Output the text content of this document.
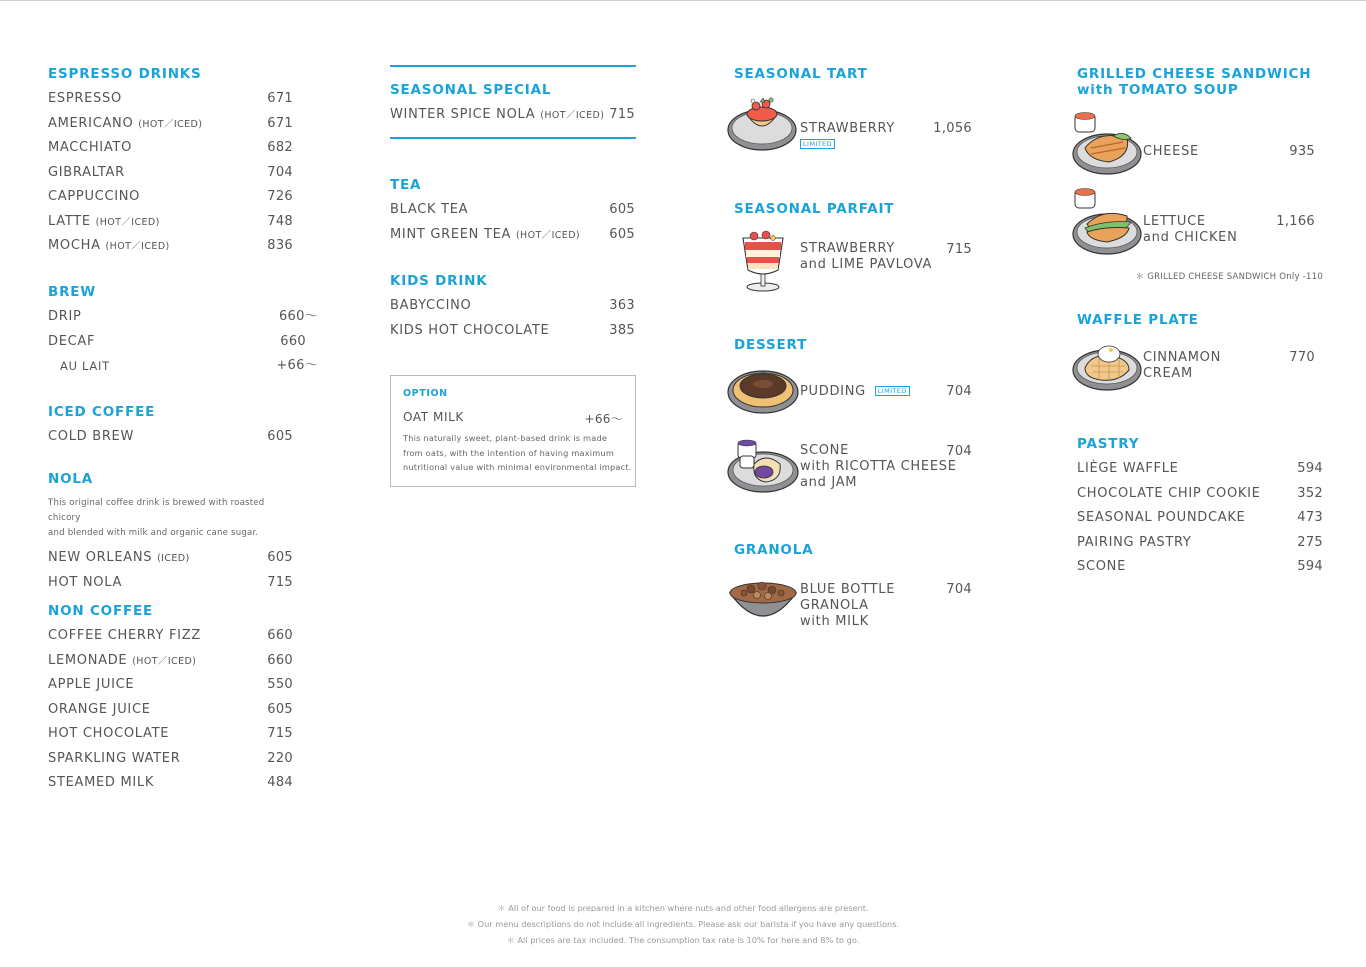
ESPRESSO DRINKS
ESPRESSO	671
AMERICANO (HOT／ICED)	671
MACCHIATO	682
GIBRALTAR	704
CAPPUCCINO	726
LATTE (HOT／ICED)	748
MOCHA (HOT／ICED)	836
BREW
DRIP	660～
DECAF	660
AU LAIT	+66～
ICED COFFEE
COLD BREW	605
NOLA
This original coffee drink is brewed with roasted chicory
and blended with milk and organic cane sugar.
NEW ORLEANS (ICED)	605
HOT NOLA	715
NON COFFEE
COFFEE CHERRY FIZZ	660
LEMONADE (HOT／ICED)	660
APPLE JUICE	550
ORANGE JUICE	605
HOT CHOCOLATE	715
SPARKLING WATER	220
STEAMED MILK	484
SEASONAL SPECIAL
WINTER SPICE NOLA (HOT／ICED) 715
TEA
BLACK TEA	605
MINT GREEN TEA (HOT／ICED) 605
KIDS DRINK
BABYCCINO	363
KIDS HOT CHOCOLATE	385
OPTION
OAT MILK	+66～
This naturally sweet, plant-based drink is made
from oats, with the intention of having maximum
nutritional value with minimal environmental impact.
SEASONAL TART
STRAWBERRY
LIMITED
1,056
SEASONAL PARFAIT
STRAWBERRY
and LIME PAVLOVA
715
DESSERT
PUDDING LIMITED	704
SCONE
with RICOTTA CHEESE
and JAM
704
GRANOLA
BLUE BOTTLE
GRANOLA
with MILK
704
GRILLED CHEESE SANDWICH
with TOMATO SOUP
CHEESE	935
LETTUCE
and CHICKEN
1,166
＊ GRILLED CHEESE SANDWICH Only -110
WAFFLE PLATE
CINNAMON
CREAM
770
PASTRY
LIÈGE WAFFLE	594
CHOCOLATE CHIP COOKIE	352
SEASONAL POUNDCAKE	473
PAIRING PASTRY	275
SCONE	594
＊ All of our food is prepared in a kitchen where nuts and other food allergens are present.
＊ Our menu descriptions do not include all ingredients. Please ask our barista if you have any questions.
＊ All prices are tax included. The consumption tax rate is 10% for here and 8% to go.
